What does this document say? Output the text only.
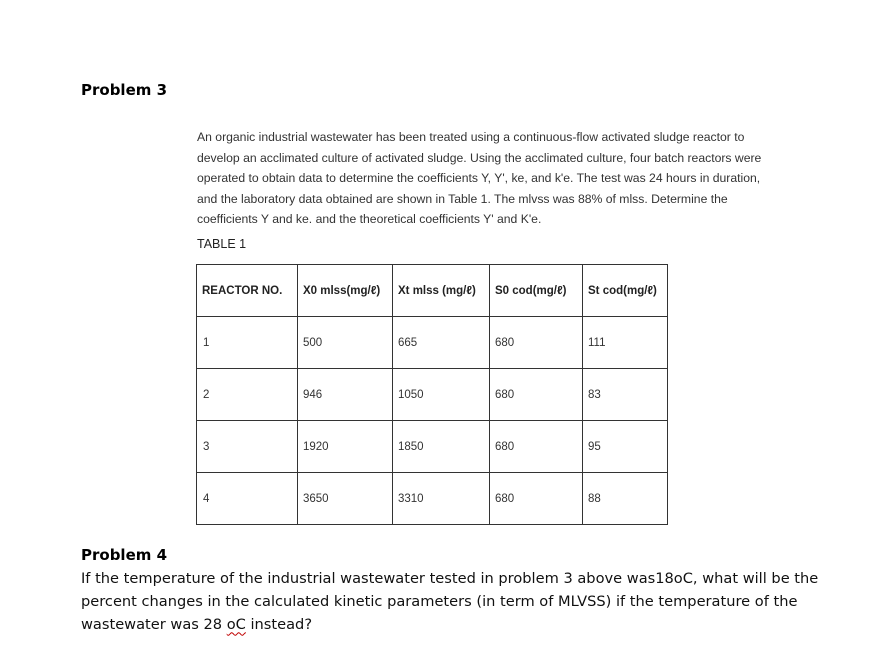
Problem 3

An organic industrial wastewater has been treated using a continuous-flow activated sludge reactor to develop an acclimated culture of activated sludge. Using the acclimated culture, four batch reactors were operated to obtain data to determine the coefficients Y, Y', ke, and k'e. The test was 24 hours in duration, and the laboratory data obtained are shown in Table 1. The mlvss was 88% of mlss. Determine the coefficients Y and ke. and the theoretical coefficients Y' and K'e.

TABLE 1

REACTOR NO.	X0 mlss(mg/ℓ)	Xt mlss (mg/ℓ)	S0 cod(mg/ℓ)	St cod(mg/ℓ)
1	500	665	680	111
2	946	1050	680	83
3	1920	1850	680	95
4	3650	3310	680	88
Problem 4

If the temperature of the industrial wastewater tested in problem 3 above was18oC, what will be the percent changes in the calculated kinetic parameters (in term of MLVSS) if the temperature of the wastewater was 28 oC instead?
